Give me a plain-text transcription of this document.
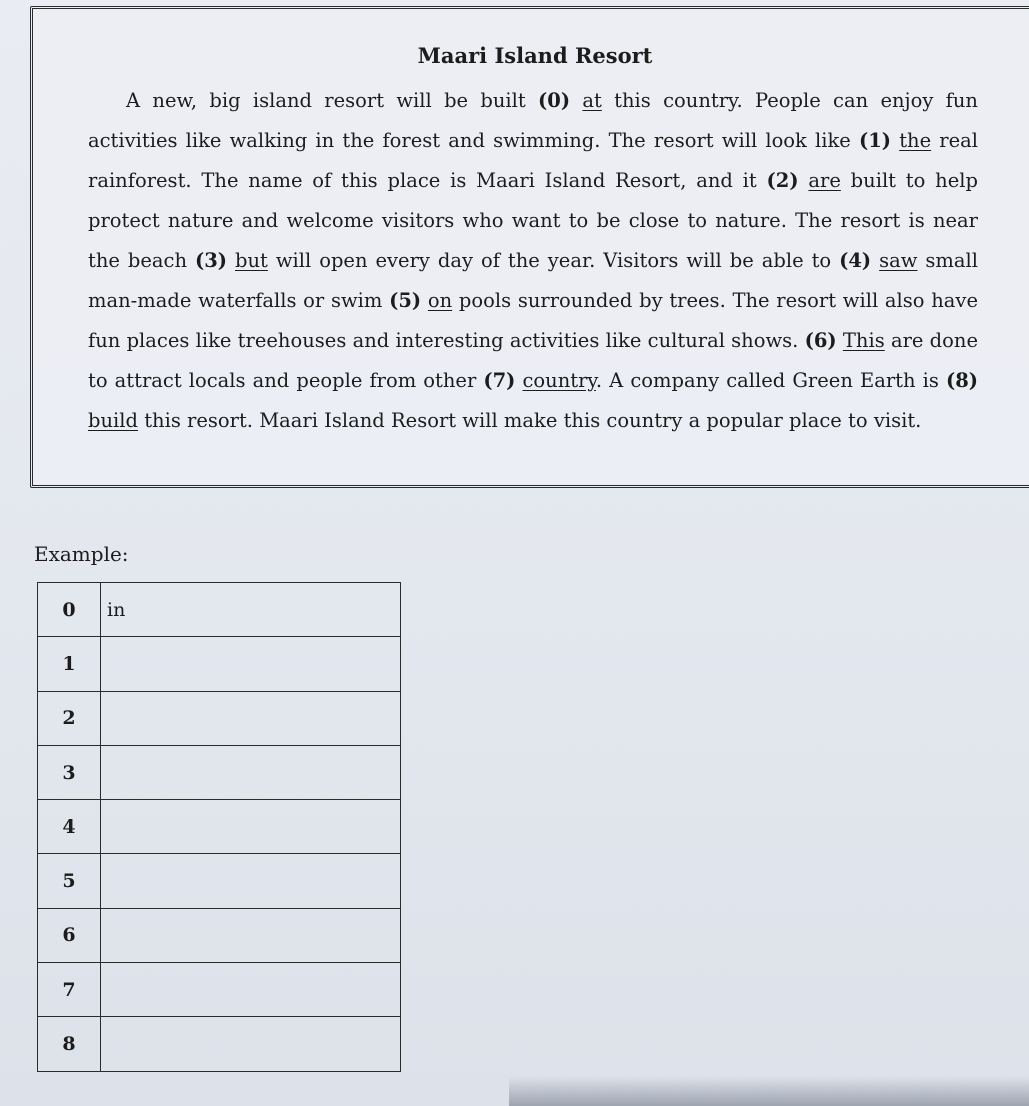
Maari Island Resort
A new, big island resort will be built (0) at this country. People can enjoy fun activities like walking in the forest and swimming. The resort will look like (1) the real rainforest. The name of this place is Maari Island Resort, and it (2) are built to help protect nature and welcome visitors who want to be close to nature. The resort is near the beach (3) but will open every day of the year. Visitors will be able to (4) saw small man-made waterfalls or swim (5) on pools surrounded by trees. The resort will also have fun places like treehouses and interesting activities like cultural shows. (6) This are done to attract locals and people from other (7) country. A company called Green Earth is (8) build this resort. Maari Island Resort will make this country a popular place to visit.
Example:
0	in
1	
2	
3	
4	
5	
6	
7	
8	
